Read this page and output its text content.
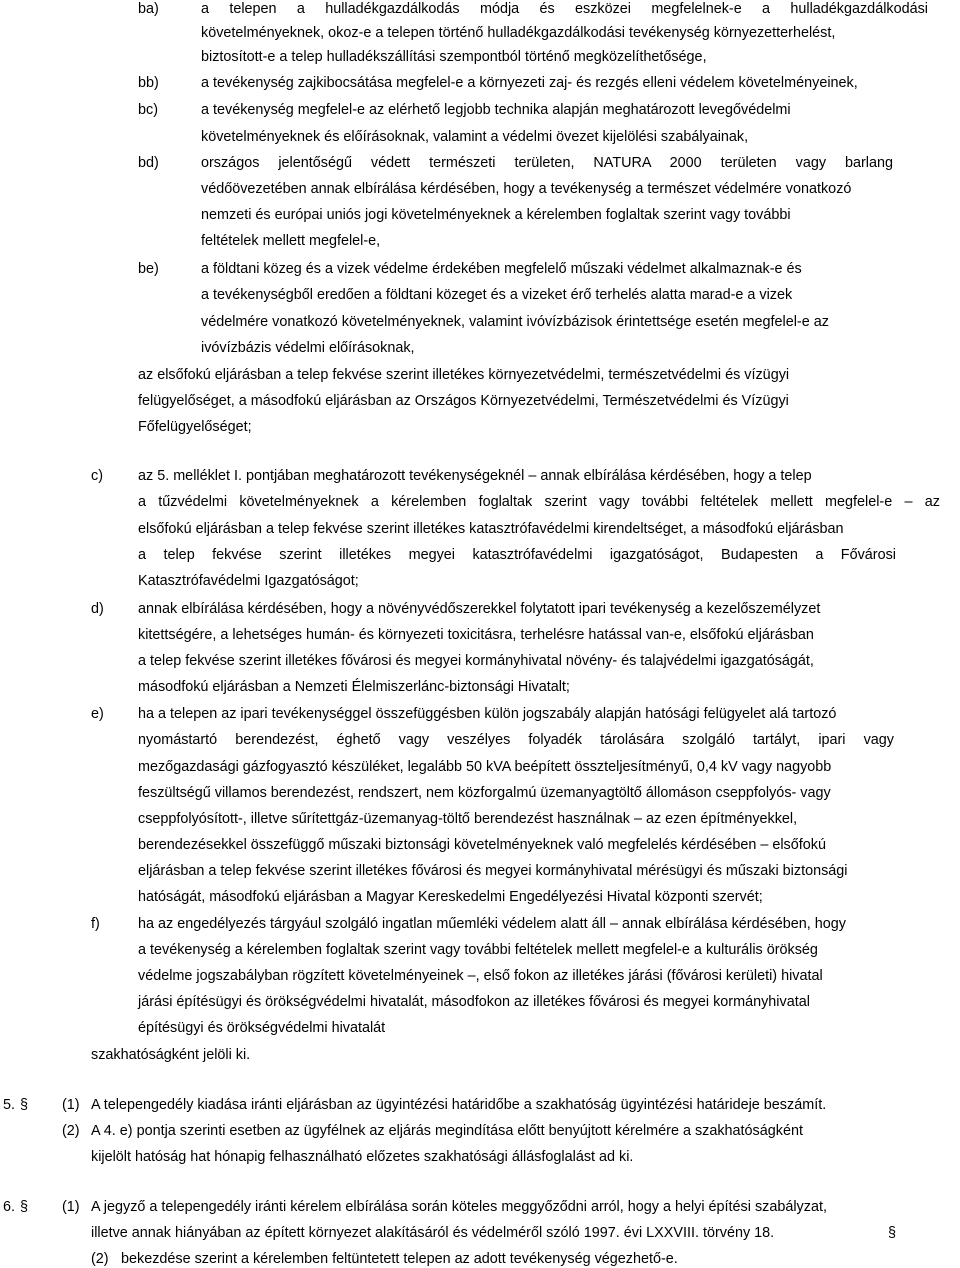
ba)	a telepen a hulladékgazdálkodás módja és eszközei megfelelnek-e a hulladékgazdálkodási
követelményeknek, okoz-e a telepen történő hulladékgazdálkodási tevékenység környezetterhelést,
biztosított-e a telep hulladékszállítási szempontból történő megközelíthetősége,
bb)	a tevékenység zajkibocsátása megfelel-e a környezeti zaj- és rezgés elleni védelem követelményeinek,
bc)	a tevékenység megfelel-e az elérhető legjobb technika alapján meghatározott levegővédelmi
követelményeknek és előírásoknak, valamint a védelmi övezet kijelölési szabályainak,
bd)	országos jelentőségű védett természeti területen, NATURA 2000 területen vagy barlang
védőövezetében annak elbírálása kérdésében, hogy a tevékenység a természet védelmére vonatkozó
nemzeti és európai uniós jogi követelményeknek a kérelemben foglaltak szerint vagy további
feltételek mellett megfelel-e,
be)	a földtani közeg és a vizek védelme érdekében megfelelő műszaki védelmet alkalmaznak-e és
a tevékenységből eredően a földtani közeget és a vizeket érő terhelés alatta marad-e a vizek
védelmére vonatkozó követelményeknek, valamint ivóvízbázisok érintettsége esetén megfelel-e az
ivóvízbázis védelmi előírásoknak,
az elsőfokú eljárásban a telep fekvése szerint illetékes környezetvédelmi, természetvédelmi és vízügyi
felügyelőséget, a másodfokú eljárásban az Országos Környezetvédelmi, Természetvédelmi és Vízügyi
Főfelügyelőséget;
c) az 5. melléklet I. pontjában meghatározott tevékenységeknél – annak elbírálása kérdésében, hogy a telep
a tűzvédelmi követelményeknek a kérelemben foglaltak szerint vagy további feltételek mellett megfelel-e – az
elsőfokú eljárásban a telep fekvése szerint illetékes katasztrófavédelmi kirendeltséget, a másodfokú eljárásban
a telep fekvése szerint illetékes megyei katasztrófavédelmi igazgatóságot, Budapesten a Fővárosi
Katasztrófavédelmi Igazgatóságot;
d) annak elbírálása kérdésében, hogy a növényvédőszerekkel folytatott ipari tevékenység a kezelőszemélyzet
kitettségére, a lehetséges humán- és környezeti toxicitásra, terhelésre hatással van-e, elsőfokú eljárásban
a telep fekvése szerint illetékes fővárosi és megyei kormányhivatal növény- és talajvédelmi igazgatóságát,
másodfokú eljárásban a Nemzeti Élelmiszerlánc-biztonsági Hivatalt;
e) ha a telepen az ipari tevékenységgel összefüggésben külön jogszabály alapján hatósági felügyelet alá tartozó
nyomástartó berendezést, éghető vagy veszélyes folyadék tárolására szolgáló tartályt, ipari vagy
mezőgazdasági gázfogyasztó készüléket, legalább 50 kVA beépített összteljesítményű, 0,4 kV vagy nagyobb
feszültségű villamos berendezést, rendszert, nem közforgalmú üzemanyagtöltő állomáson cseppfolyós- vagy
cseppfolyósított-, illetve sűrítettgáz-üzemanyag-töltő berendezést használnak – az ezen építményekkel,
berendezésekkel összefüggő műszaki biztonsági követelményeknek való megfelelés kérdésében – elsőfokú
eljárásban a telep fekvése szerint illetékes fővárosi és megyei kormányhivatal mérésügyi és műszaki biztonsági
hatóságát, másodfokú eljárásban a Magyar Kereskedelmi Engedélyezési Hivatal központi szervét;
f)	ha az engedélyezés tárgyául szolgáló ingatlan műemléki védelem alatt áll – annak elbírálása kérdésében, hogy
a tevékenység a kérelemben foglaltak szerint vagy további feltételek mellett megfelel-e a kulturális örökség
védelme jogszabályban rögzített követelményeinek –, első fokon az illetékes járási (fővárosi kerületi) hivatal
járási építésügyi és örökségvédelmi hivatalát, másodfokon az illetékes fővárosi és megyei kormányhivatal
építésügyi és örökségvédelmi hivatalát
szakhatóságként jelöli ki.
5. § (1) A telepengedély kiadása iránti eljárásban az ügyintézési határidőbe a szakhatóság ügyintézési határideje beszámít.
(2) A 4. e) pontja szerinti esetben az ügyfélnek az eljárás megindítása előtt benyújtott kérelmére a szakhatóságként
kijelölt hatóság hat hónapig felhasználható előzetes szakhatósági állásfoglalást ad ki.
6. § (1) A jegyző a telepengedély iránti kérelem elbírálása során köteles meggyőződni arról, hogy a helyi építési szabályzat,
illetve annak hiányában az épített környezet alakításáról és védelméről szóló 1997. évi LXXVIII. törvény 18.	§
(2) bekezdése szerint a kérelemben feltüntetett telepen az adott tevékenység végezhető-e.
